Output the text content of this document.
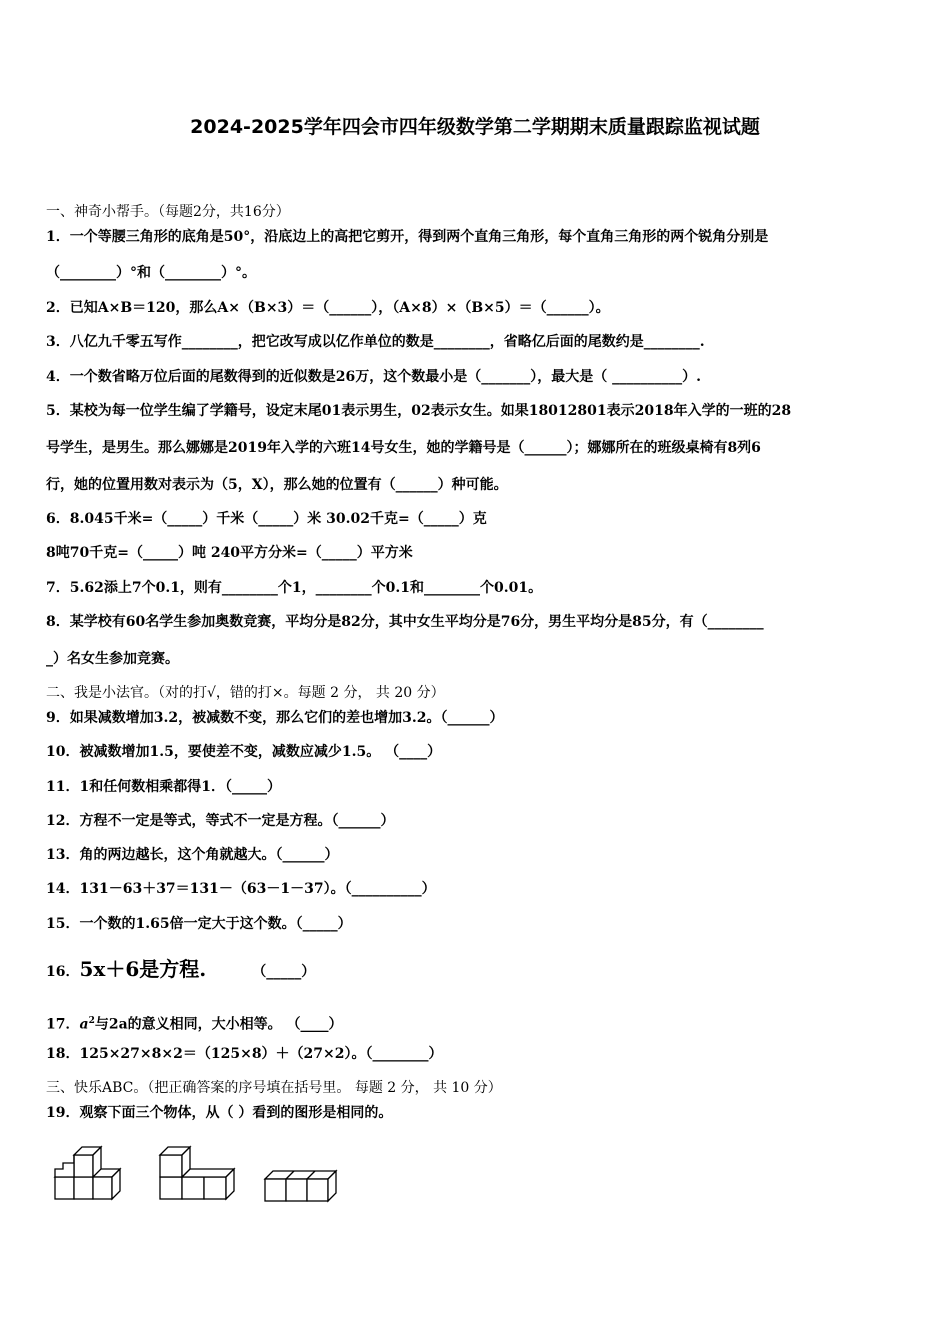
2024-2025学年四会市四年级数学第二学期期末质量跟踪监视试题
一、神奇小帮手。（每题2分，共16分）
1．一个等腰三角形的底角是50°，沿底边上的高把它剪开，得到两个直角三角形，每个直角三角形的两个锐角分别是
（________）°和（________）°。
2．已知A×B＝120，那么A×（B×3）＝（______），（A×8）×（B×5）＝（______）。
3．八亿九千零五写作________，把它改写成以亿作单位的数是________，省略亿后面的尾数约是________.
4．一个数省略万位后面的尾数得到的近似数是26万，这个数最小是（_______），最大是（ __________）.
5．某校为每一位学生编了学籍号，设定末尾01表示男生，02表示女生。如果18012801表示2018年入学的一班的28
号学生，是男生。那么娜娜是2019年入学的六班14号女生，她的学籍号是（______）；娜娜所在的班级桌椅有8列6
行，她的位置用数对表示为（5，X），那么她的位置有（______）种可能。
6．8.045千米=（_____）千米（_____）米 30.02千克=（_____）克
8吨70千克=（_____）吨 240平方分米=（_____）平方米
7．5.62添上7个0.1，则有________个1，________个0.1和________个0.01。
8．某学校有60名学生参加奥数竞赛，平均分是82分，其中女生平均分是76分，男生平均分是85分，有（________
_）名女生参加竞赛。
二、我是小法官。（对的打√，错的打×。每题 2 分， 共 20 分）
9．如果减数增加3.2，被减数不变，那么它们的差也增加3.2。（______）
10．被减数增加1.5，要使差不变，减数应减少1.5。 （____）
11．1和任何数相乘都得1．（_____）
12．方程不一定是等式，等式不一定是方程。（______）
13．角的两边越长，这个角就越大。（______）
14．131－63＋37＝131－（63－1－37）。（__________）
15．一个数的1.65倍一定大于这个数。（_____）
16．5x＋6是方程.	（_____）
17．$a^2$与2a的意义相同，大小相等。 （____）
18．125×27×8×2＝（125×8）＋（27×2）。（________）
三、快乐ABC。（把正确答案的序号填在括号里。 每题 2 分， 共 10 分）
19．观察下面三个物体，从（ ）看到的图形是相同的。
